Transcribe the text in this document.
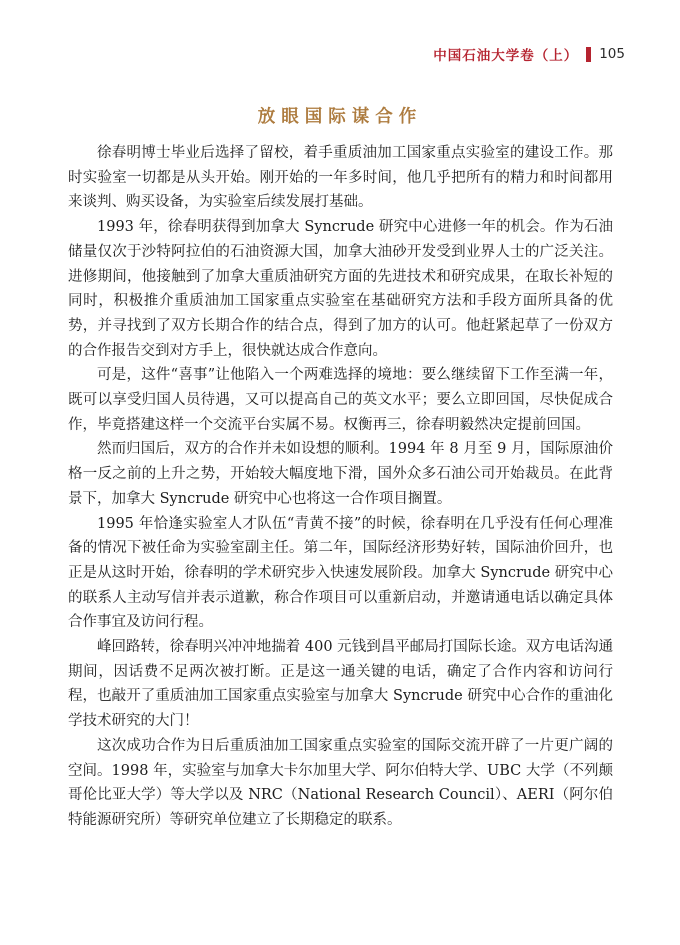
中国石油大学卷（上） 105
放眼国际谋合作

徐春明博士毕业后选择了留校，着手重质油加工国家重点实验室的建设工作。那时实验室一切都是从头开始。刚开始的一年多时间，他几乎把所有的精力和时间都用来谈判、购买设备，为实验室后续发展打基础。

1993 年，徐春明获得到加拿大 Syncrude 研究中心进修一年的机会。作为石油储量仅次于沙特阿拉伯的石油资源大国，加拿大油砂开发受到业界人士的广泛关注。进修期间，他接触到了加拿大重质油研究方面的先进技术和研究成果，在取长补短的同时，积极推介重质油加工国家重点实验室在基础研究方法和手段方面所具备的优势，并寻找到了双方长期合作的结合点，得到了加方的认可。他赶紧起草了一份双方的合作报告交到对方手上，很快就达成合作意向。

可是，这件“喜事”让他陷入一个两难选择的境地：要么继续留下工作至满一年，既可以享受归国人员待遇，又可以提高自己的英文水平；要么立即回国，尽快促成合作，毕竟搭建这样一个交流平台实属不易。权衡再三，徐春明毅然决定提前回国。

然而归国后，双方的合作并未如设想的顺利。1994 年 8 月至 9 月，国际原油价格一反之前的上升之势，开始较大幅度地下滑，国外众多石油公司开始裁员。在此背景下，加拿大 Syncrude 研究中心也将这一合作项目搁置。

1995 年恰逢实验室人才队伍“青黄不接”的时候，徐春明在几乎没有任何心理准备的情况下被任命为实验室副主任。第二年，国际经济形势好转，国际油价回升，也正是从这时开始，徐春明的学术研究步入快速发展阶段。加拿大 Syncrude 研究中心的联系人主动写信并表示道歉，称合作项目可以重新启动，并邀请通电话以确定具体合作事宜及访问行程。

峰回路转，徐春明兴冲冲地揣着 400 元钱到昌平邮局打国际长途。双方电话沟通期间，因话费不足两次被打断。正是这一通关键的电话，确定了合作内容和访问行程，也敲开了重质油加工国家重点实验室与加拿大 Syncrude 研究中心合作的重油化学技术研究的大门！

这次成功合作为日后重质油加工国家重点实验室的国际交流开辟了一片更广阔的空间。1998 年，实验室与加拿大卡尔加里大学、阿尔伯特大学、UBC 大学（不列颠哥伦比亚大学）等大学以及 NRC（National Research Council）、AERI（阿尔伯特能源研究所）等研究单位建立了长期稳定的联系。
